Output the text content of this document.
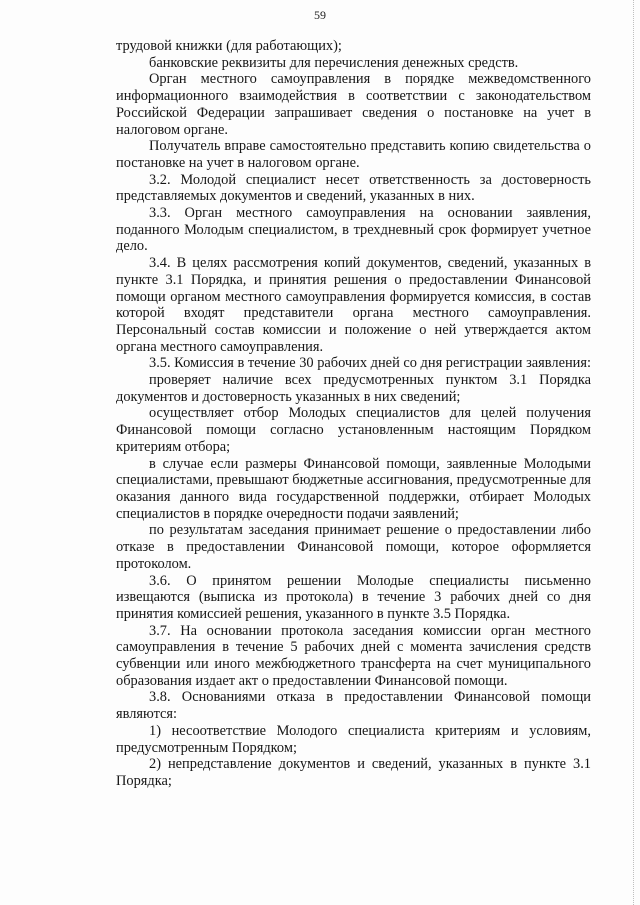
59

трудовой книжки (для работающих);

банковские реквизиты для перечисления денежных средств.

Орган местного самоуправления в порядке межведомственного информационного взаимодействия в соответствии с законодательством Российской Федерации запрашивает сведения о постановке на учет в налоговом органе.

Получатель вправе самостоятельно представить копию свидетельства о постановке на учет в налоговом органе.

3.2. Молодой специалист несет ответственность за достоверность представляемых документов и сведений, указанных в них.

3.3. Орган местного самоуправления на основании заявления, поданного Молодым специалистом, в трехдневный срок формирует учетное дело.

3.4. В целях рассмотрения копий документов, сведений, указанных в пункте 3.1 Порядка, и принятия решения о предоставлении Финансовой помощи органом местного самоуправления формируется комиссия, в состав которой входят представители органа местного самоуправления. Персональный состав комиссии и положение о ней утверждается актом органа местного самоуправления.

3.5. Комиссия в течение 30 рабочих дней со дня регистрации заявления:

проверяет наличие всех предусмотренных пунктом 3.1 Порядка документов и достоверность указанных в них сведений;

осуществляет отбор Молодых специалистов для целей получения Финансовой помощи согласно установленным настоящим Порядком критериям отбора;

в случае если размеры Финансовой помощи, заявленные Молодыми специалистами, превышают бюджетные ассигнования, предусмотренные для оказания данного вида государственной поддержки, отбирает Молодых специалистов в порядке очередности подачи заявлений;

по результатам заседания принимает решение о предоставлении либо отказе в предоставлении Финансовой помощи, которое оформляется протоколом.

3.6. О принятом решении Молодые специалисты письменно извещаются (выписка из протокола) в течение 3 рабочих дней со дня принятия комиссией решения, указанного в пункте 3.5 Порядка.

3.7. На основании протокола заседания комиссии орган местного самоуправления в течение 5 рабочих дней с момента зачисления средств субвенции или иного межбюджетного трансферта на счет муниципального образования издает акт о предоставлении Финансовой помощи.

3.8. Основаниями отказа в предоставлении Финансовой помощи являются:

1) несоответствие Молодого специалиста критериям и условиям, предусмотренным Порядком;

2) непредставление документов и сведений, указанных в пункте 3.1 Порядка;
